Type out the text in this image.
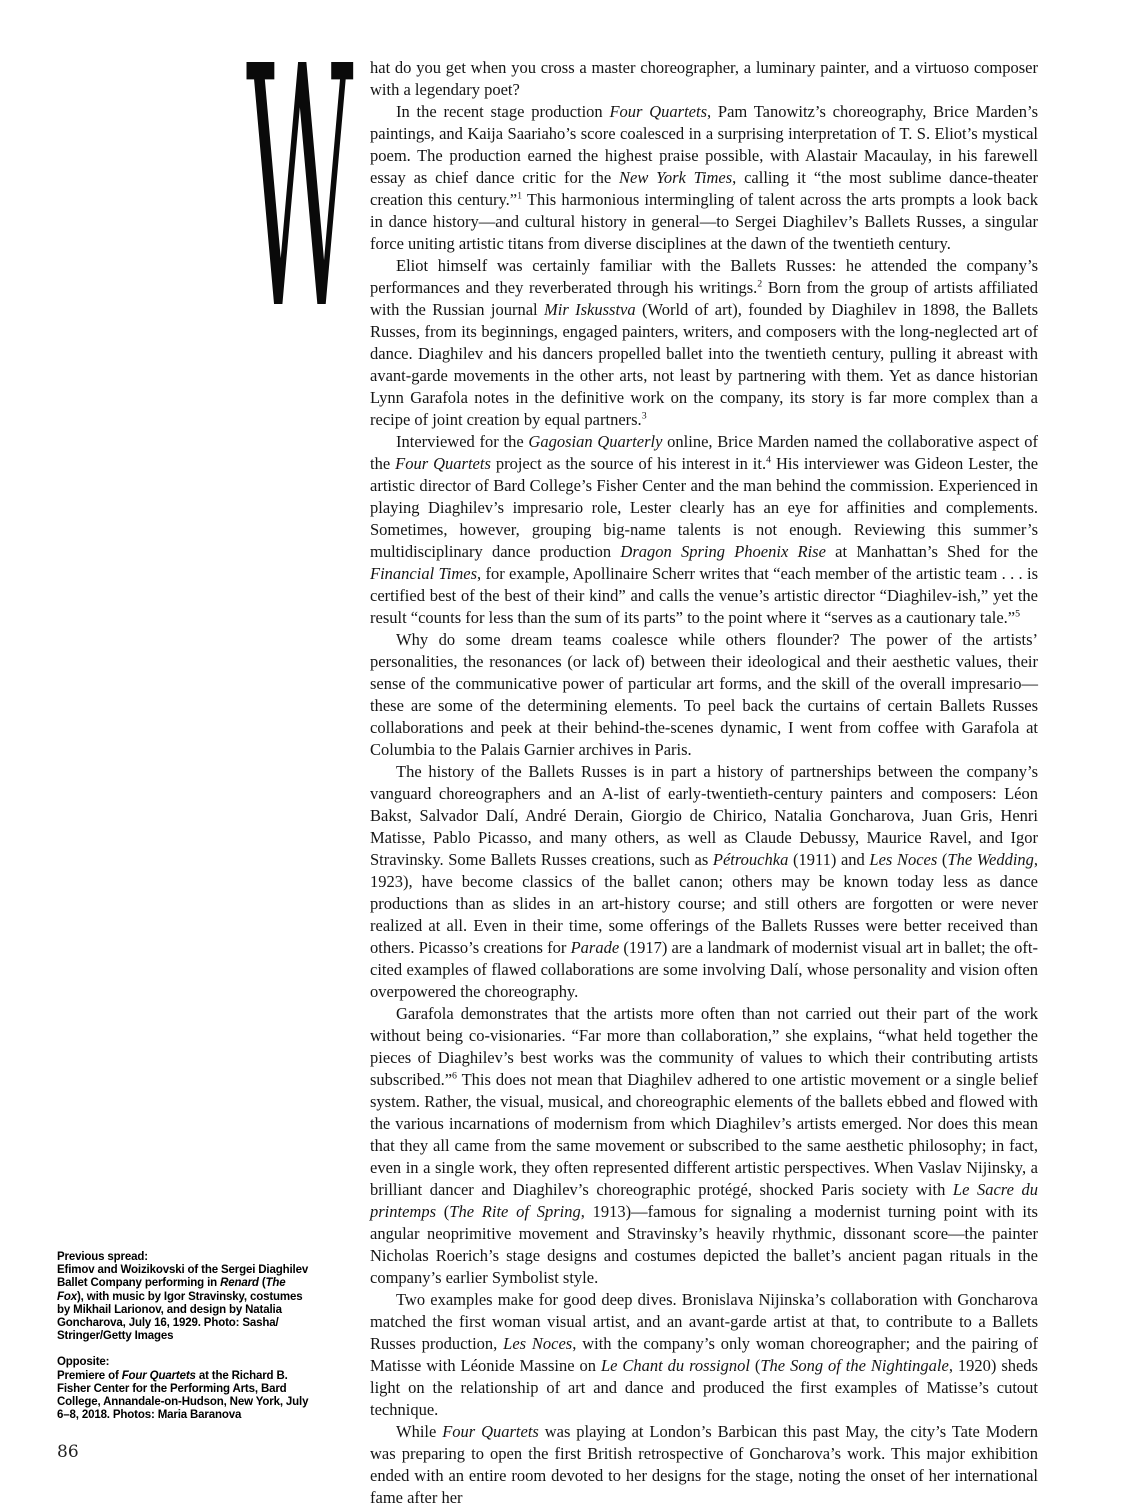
W hat do you get when you cross a master choreographer, a luminary painter, and a virtuoso composer with a legendary poet?

In the recent stage production Four Quartets, Pam Tanowitz’s choreography, Brice Marden’s paintings, and Kaija Saariaho’s score coalesced in a surprising interpretation of T. S. Eliot’s mystical poem. The production earned the highest praise possible, with Alastair Macaulay, in his farewell essay as chief dance critic for the New York Times, calling it “the most sublime dance-theater creation this century.”$^1$ This harmonious intermingling of talent across the arts prompts a look back in dance history—and cultural history in general—to Sergei Diaghilev’s Ballets Russes, a singular force uniting artistic titans from diverse disciplines at the dawn of the twentieth century.

Eliot himself was certainly familiar with the Ballets Russes: he attended the company’s performances and they reverberated through his writings.$^2$ Born from the group of artists affiliated with the Russian journal Mir Iskusstva (World of art), founded by Diaghilev in 1898, the Ballets Russes, from its beginnings, engaged painters, writers, and composers with the long-neglected art of dance. Diaghilev and his dancers propelled ballet into the twentieth century, pulling it abreast with avant-garde movements in the other arts, not least by partnering with them. Yet as dance historian Lynn Garafola notes in the definitive work on the company, its story is far more complex than a recipe of joint creation by equal partners.$^3$

Interviewed for the Gagosian Quarterly online, Brice Marden named the collaborative aspect of the Four Quartets project as the source of his interest in it.$^4$ His interviewer was Gideon Lester, the artistic director of Bard College’s Fisher Center and the man behind the commission. Experienced in playing Diaghilev’s impresario role, Lester clearly has an eye for affinities and complements. Sometimes, however, grouping big-name talents is not enough. Reviewing this summer’s multidisciplinary dance production Dragon Spring Phoenix Rise at Manhattan’s Shed for the Financial Times, for example, Apollinaire Scherr writes that “each member of the artistic team . . . is certified best of the best of their kind” and calls the venue’s artistic director “Diaghilev-ish,” yet the result “counts for less than the sum of its parts” to the point where it “serves as a cautionary tale.”$^5$

Why do some dream teams coalesce while others flounder? The power of the artists’ personalities, the resonances (or lack of) between their ideological and their aesthetic values, their sense of the communicative power of particular art forms, and the skill of the overall impresario—these are some of the determining elements. To peel back the curtains of certain Ballets Russes collaborations and peek at their behind-the-scenes dynamic, I went from coffee with Garafola at Columbia to the Palais Garnier archives in Paris.

The history of the Ballets Russes is in part a history of partnerships between the company’s vanguard choreographers and an A-list of early-twentieth-century painters and composers: Léon Bakst, Salvador Dalí, André Derain, Giorgio de Chirico, Natalia Goncharova, Juan Gris, Henri Matisse, Pablo Picasso, and many others, as well as Claude Debussy, Maurice Ravel, and Igor Stravinsky. Some Ballets Russes creations, such as Pétrouchka (1911) and Les Noces (The Wedding, 1923), have become classics of the ballet canon; others may be known today less as dance productions than as slides in an art-history course; and still others are forgotten or were never realized at all. Even in their time, some offerings of the Ballets Russes were better received than others. Picasso’s creations for Parade (1917) are a landmark of modernist visual art in ballet; the oft-cited examples of flawed collaborations are some involving Dalí, whose personality and vision often overpowered the choreography.

Garafola demonstrates that the artists more often than not carried out their part of the work without being co-visionaries. “Far more than collaboration,” she explains, “what held together the pieces of Diaghilev’s best works was the community of values to which their contributing artists subscribed.”$^6$ This does not mean that Diaghilev adhered to one artistic movement or a single belief system. Rather, the visual, musical, and choreographic elements of the ballets ebbed and flowed with the various incarnations of modernism from which Diaghilev’s artists emerged. Nor does this mean that they all came from the same movement or subscribed to the same aesthetic philosophy; in fact, even in a single work, they often represented different artistic perspectives. When Vaslav Nijinsky, a brilliant dancer and Diaghilev’s choreographic protégé, shocked Paris society with Le Sacre du printemps (The Rite of Spring, 1913)—famous for signaling a modernist turning point with its angular neoprimitive movement and Stravinsky’s heavily rhythmic, dissonant score—the painter Nicholas Roerich’s stage designs and costumes depicted the ballet’s ancient pagan rituals in the company’s earlier Symbolist style.

Two examples make for good deep dives. Bronislava Nijinska’s collaboration with Goncharova matched the first woman visual artist, and an avant-garde artist at that, to contribute to a Ballets Russes production, Les Noces, with the company’s only woman choreographer; and the pairing of Matisse with Léonide Massine on Le Chant du rossignol (The Song of the Nightingale, 1920) sheds light on the relationship of art and dance and produced the first examples of Matisse’s cutout technique.

While Four Quartets was playing at London’s Barbican this past May, the city’s Tate Modern was preparing to open the first British retrospective of Goncharova’s work. This major exhibition ended with an entire room devoted to her designs for the stage, noting the onset of her international fame after her

Previous spread:
Efimov and Woizikovski of the Sergei Diaghilev
Ballet Company performing in Renard (The
Fox), with music by Igor Stravinsky, costumes
by Mikhail Larionov, and design by Natalia
Goncharova, July 16, 1929. Photo: Sasha/
Stringer/Getty Images
Opposite:
Premiere of Four Quartets at the Richard B.
Fisher Center for the Performing Arts, Bard
College, Annandale-on-Hudson, New York, July
6–8, 2018. Photos: Maria Baranova
86
